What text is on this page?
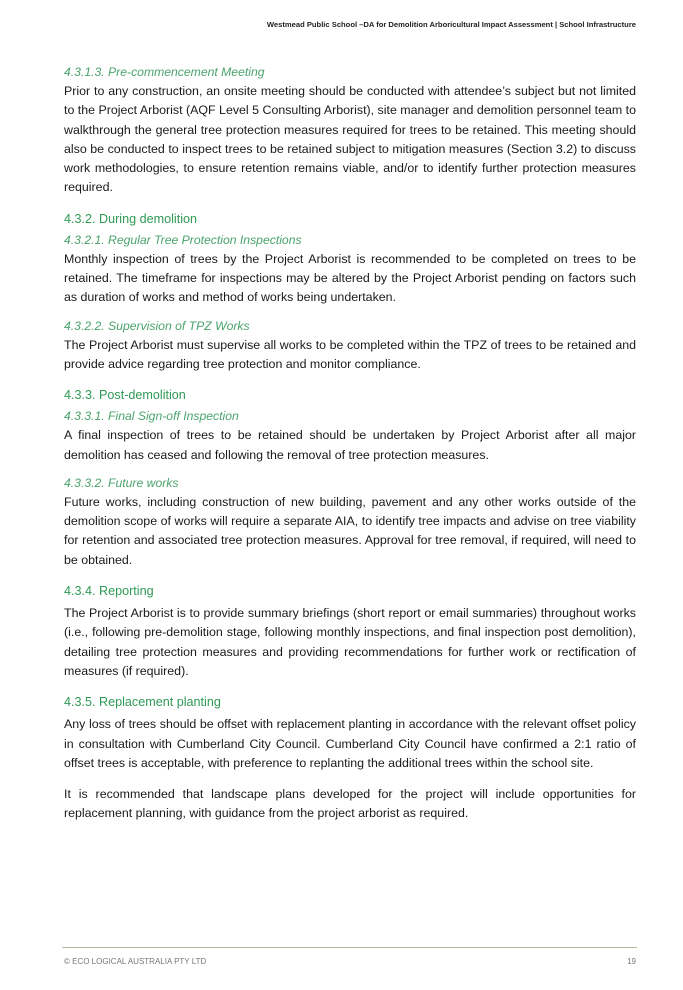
Westmead Public School –DA for Demolition Arboricultural Impact Assessment | School Infrastructure
4.3.1.3. Pre-commencement Meeting

Prior to any construction, an onsite meeting should be conducted with attendee’s subject but not limited to the Project Arborist (AQF Level 5 Consulting Arborist), site manager and demolition personnel team to walkthrough the general tree protection measures required for trees to be retained. This meeting should also be conducted to inspect trees to be retained subject to mitigation measures (Section 3.2) to discuss work methodologies, to ensure retention remains viable, and/or to identify further protection measures required.

4.3.2. During demolition
4.3.2.1. Regular Tree Protection Inspections

Monthly inspection of trees by the Project Arborist is recommended to be completed on trees to be retained. The timeframe for inspections may be altered by the Project Arborist pending on factors such as duration of works and method of works being undertaken.

4.3.2.2. Supervision of TPZ Works

The Project Arborist must supervise all works to be completed within the TPZ of trees to be retained and provide advice regarding tree protection and monitor compliance.

4.3.3. Post-demolition
4.3.3.1. Final Sign-off Inspection

A final inspection of trees to be retained should be undertaken by Project Arborist after all major demolition has ceased and following the removal of tree protection measures.

4.3.3.2. Future works

Future works, including construction of new building, pavement and any other works outside of the demolition scope of works will require a separate AIA, to identify tree impacts and advise on tree viability for retention and associated tree protection measures. Approval for tree removal, if required, will need to be obtained.

4.3.4. Reporting

The Project Arborist is to provide summary briefings (short report or email summaries) throughout works (i.e., following pre-demolition stage, following monthly inspections, and final inspection post demolition), detailing tree protection measures and providing recommendations for further work or rectification of measures (if required).

4.3.5. Replacement planting

Any loss of trees should be offset with replacement planting in accordance with the relevant offset policy in consultation with Cumberland City Council. Cumberland City Council have confirmed a 2:1 ratio of offset trees is acceptable, with preference to replanting the additional trees within the school site.

It is recommended that landscape plans developed for the project will include opportunities for replacement planning, with guidance from the project arborist as required.

© ECO LOGICAL AUSTRALIA PTY LTD	19
